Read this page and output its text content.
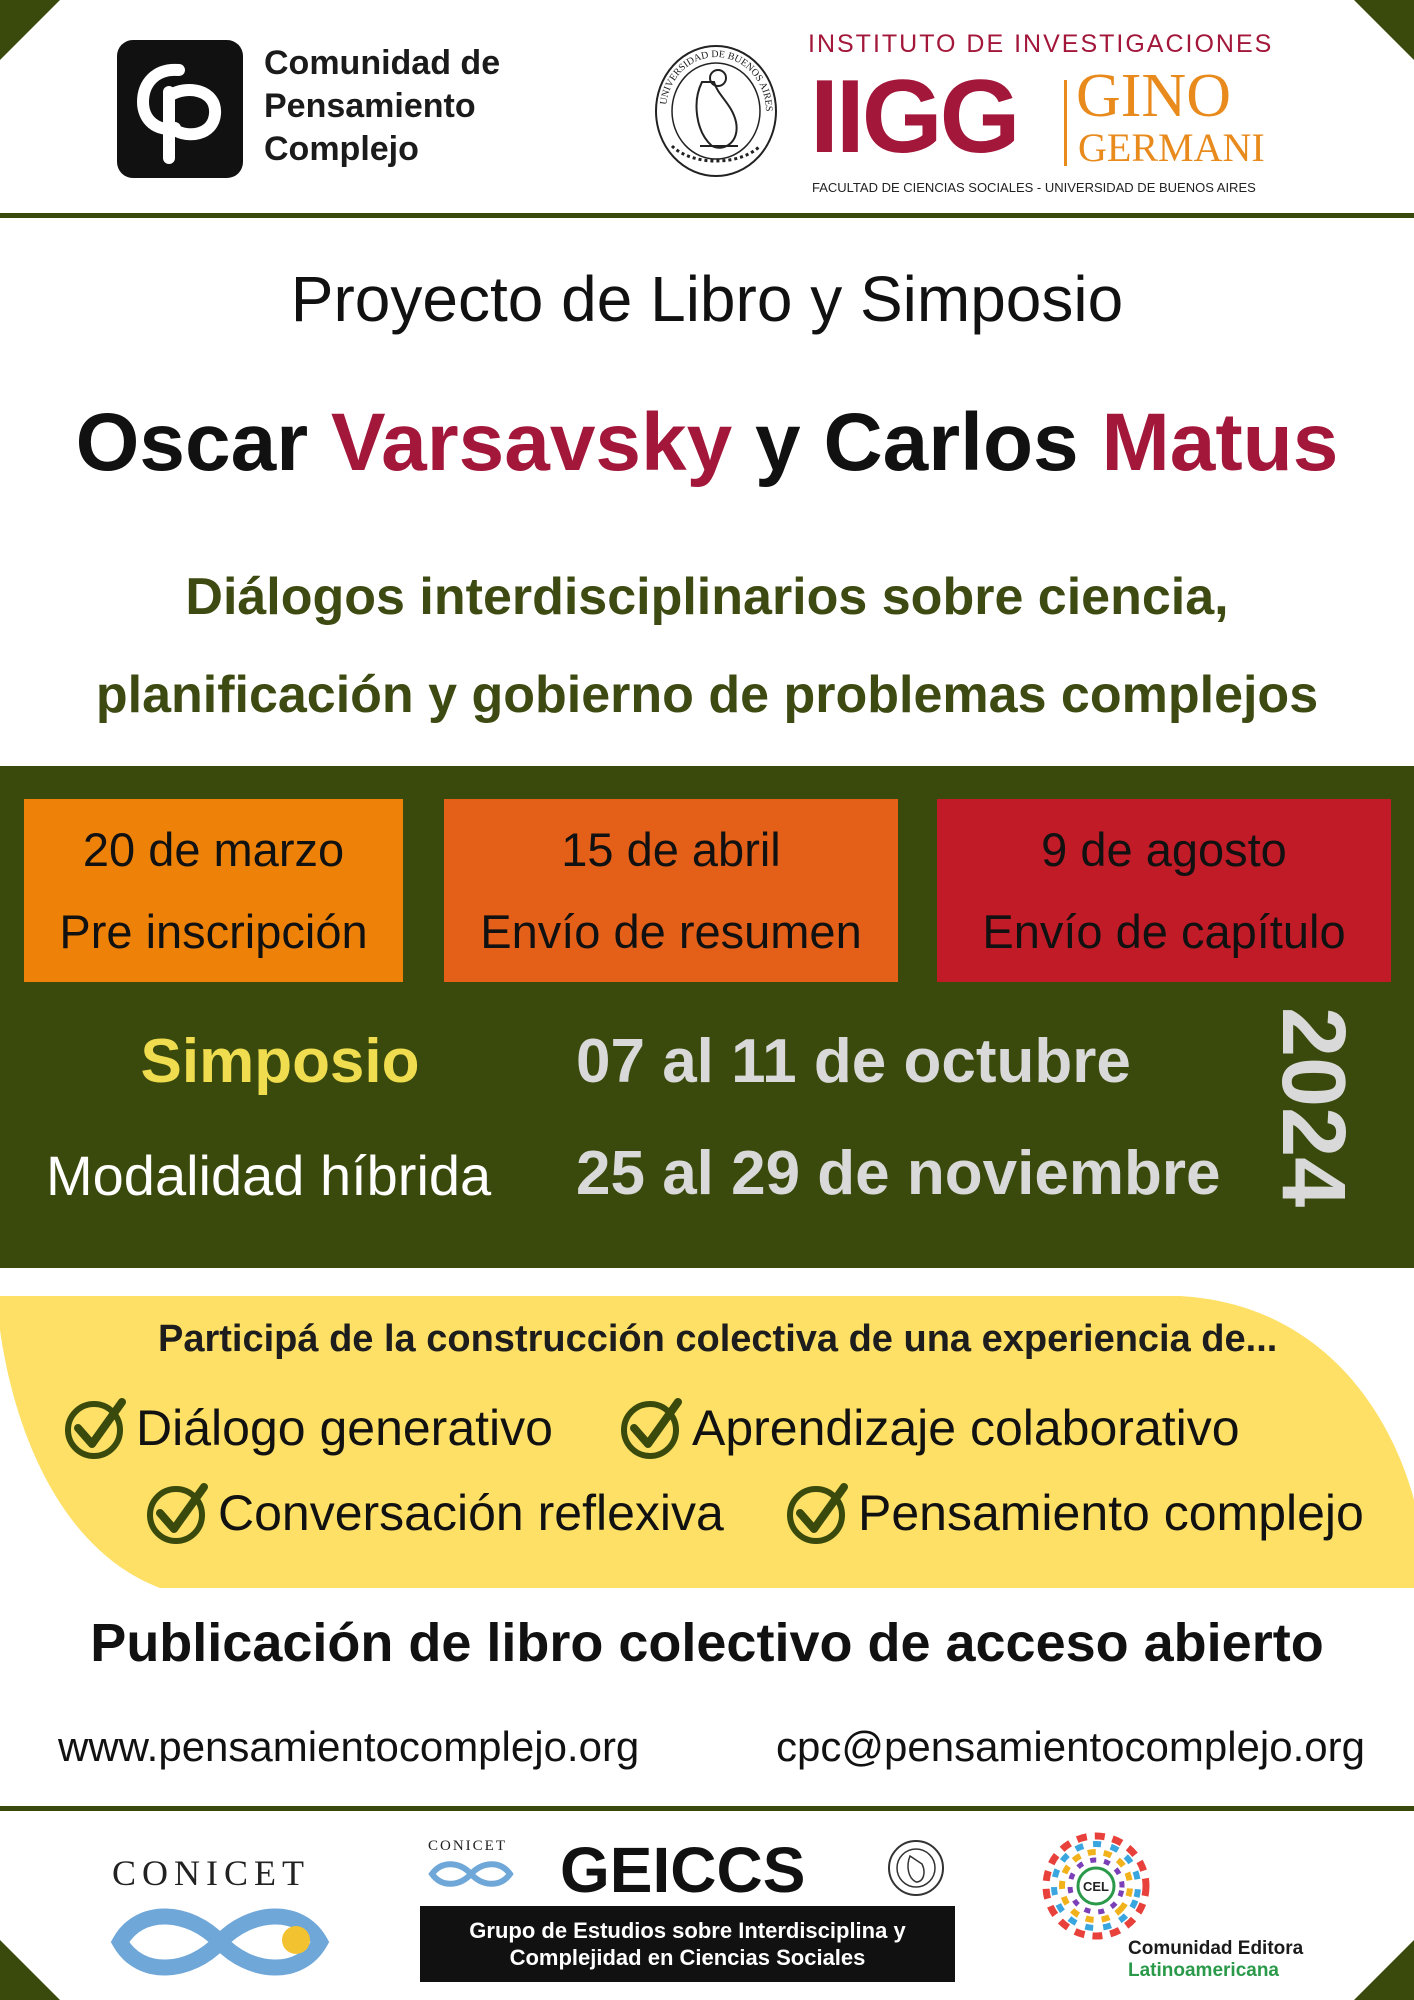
Comunidad de
Pensamiento
Complejo
UNIVERSIDAD DE BUENOS AIRES
INSTITUTO DE INVESTIGACIONES
IIGG GINO
GERMANI
FACULTAD DE CIENCIAS SOCIALES - UNIVERSIDAD DE BUENOS AIRES
Proyecto de Libro y Simposio
Oscar Varsavsky y Carlos Matus
Diálogos interdisciplinarios sobre ciencia,
planificación y gobierno de problemas complejos
20 de marzo
Pre inscripción
15 de abril
Envío de resumen
9 de agosto
Envío de capítulo
Simposio
Modalidad híbrida
07 al 11 de octubre
25 al 29 de noviembre 2024
Participá de la construcción colectiva de una experiencia de...
Diálogo generativo	Aprendizaje colaborativo
Conversación reflexiva	Pensamiento complejo
Publicación de libro colectivo de acceso abierto
www.pensamientocomplejo.org	cpc@pensamientocomplejo.org
CONICET
CONICET GEICCS
Grupo de Estudios sobre Interdisciplina y
Complejidad en Ciencias Sociales
CEL
Comunidad Editora
Latinoamericana
